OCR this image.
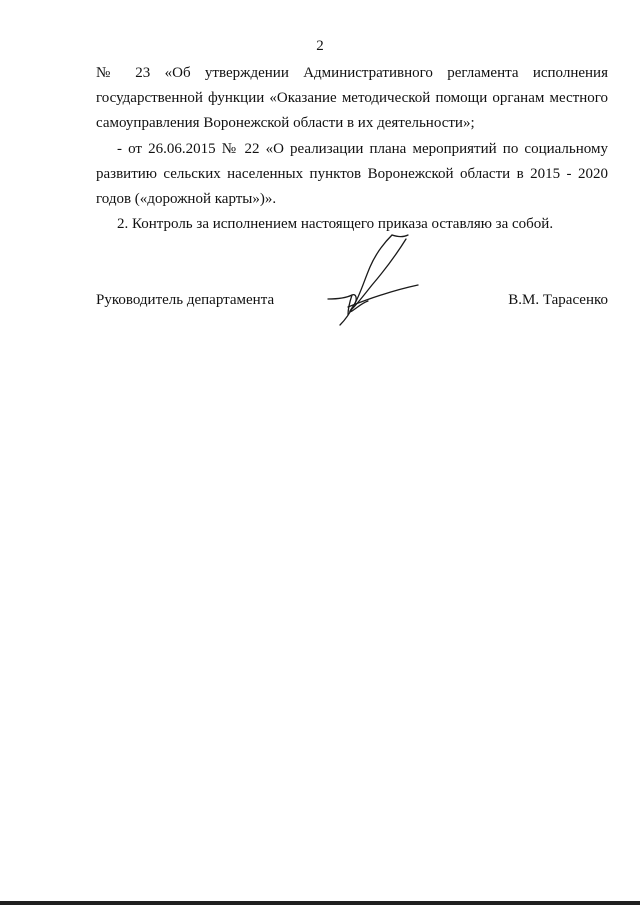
2
№ 23 «Об утверждении Административного регламента исполнения
государственной функции «Оказание методической помощи органам местного
самоуправления Воронежской области в их деятельности»;
- от 26.06.2015 № 22 «О реализации плана мероприятий по социальному
развитию сельских населенных пунктов Воронежской области в 2015 - 2020
годов («дорожной карты»)».
2. Контроль за исполнением настоящего приказа оставляю за собой.
Руководитель департамента	В.М. Тарасенко
